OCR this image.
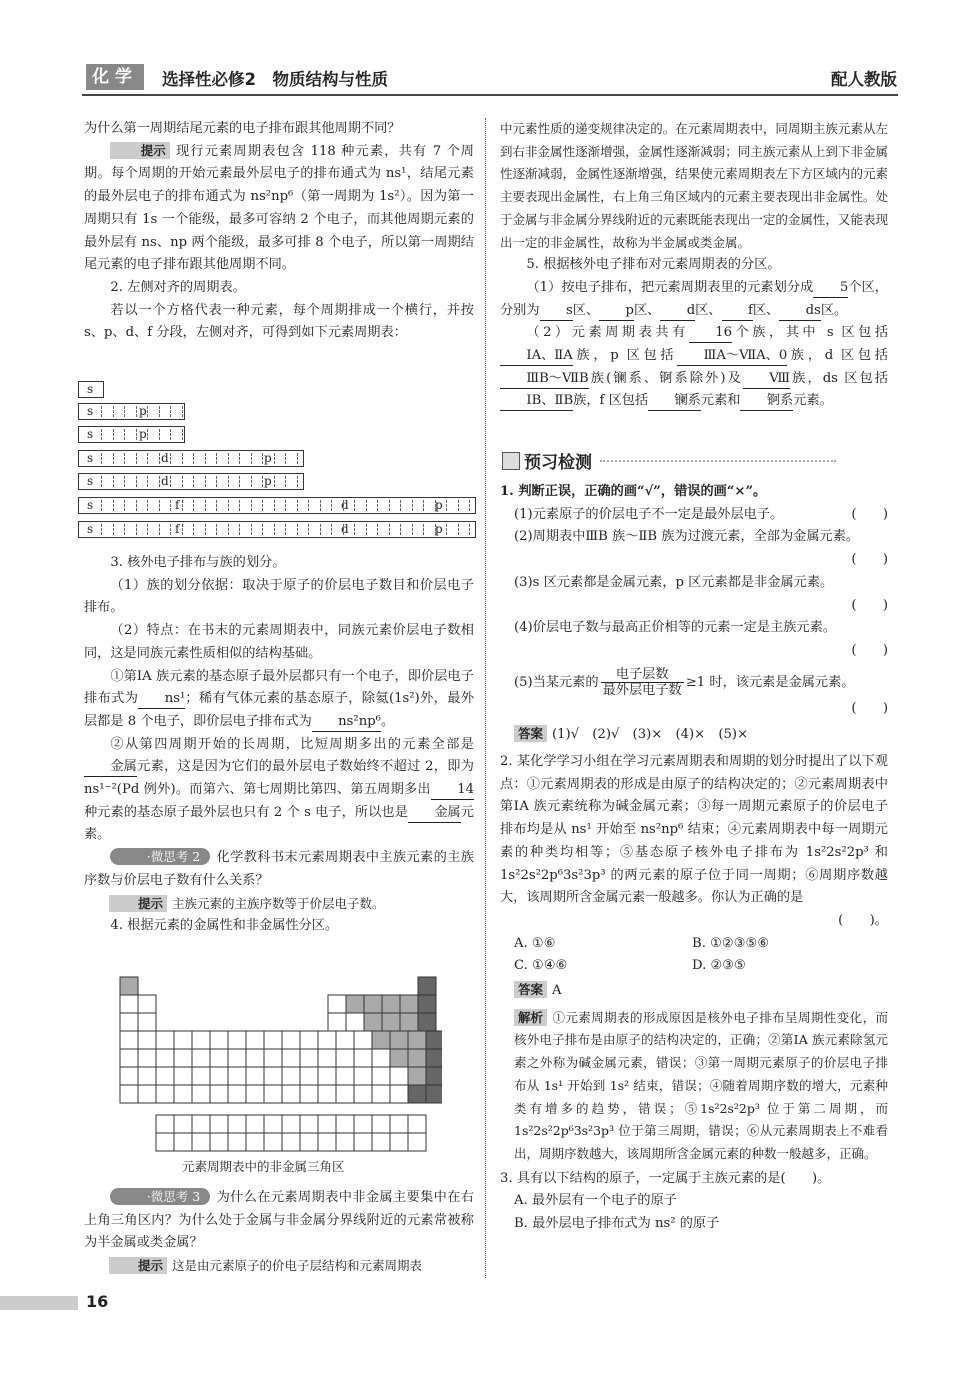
化学	选择性必修2　物质结构与性质	配人教版

为什么第一周期结尾元素的电子排布跟其他周期不同？

提示 现行元素周期表包含 118 种元素，共有 7 个周期。每个周期的开始元素最外层电子的排布通式为 ns¹，结尾元素的最外层电子的排布通式为 ns²np⁶（第一周期为 1s²）。因为第一周期只有 1s 一个能级，最多可容纳 2 个电子，而其他周期元素的最外层有 ns、np 两个能级，最多可排 8 个电子，所以第一周期结尾元素的电子排布跟其他周期不同。

2. 左侧对齐的周期表。

若以一个方格代表一种元素，每个周期排成一个横行，并按 s、p、d、f 分段，左侧对齐，可得到如下元素周期表：

s
s	p
s	p
s	d	p
s	d	p
s	f	d	p
s	f	d	p

3. 核外电子排布与族的划分。

（1）族的划分依据：取决于原子的价层电子数目和价层电子排布。

（2）特点：在书末的元素周期表中，同族元素价层电子数相同，这是同族元素性质相似的结构基础。

①第ⅠA 族元素的基态原子最外层都只有一个电子，即价层电子排布式为 ns¹；稀有气体元素的基态原子，除氦(1s²)外，最外层都是 8 个电子，即价层电子排布式为 ns²np⁶。

②从第四周期开始的长周期，比短周期多出的元素全部是金属元素，这是因为它们的最外层电子数始终不超过 2，即为 ns¹⁻²(Pd 例外)。而第六、第七周期比第四、第五周期多出 14种元素的基态原子最外层也只有 2 个 s 电子，所以也是 金属元素。

·微思考 2 化学教科书末元素周期表中主族元素的主族序数与价层电子数有什么关系？

提示 主族元素的主族序数等于价层电子数。

4. 根据元素的金属性和非金属性分区。

元素周期表中的非金属三角区

·微思考 3 为什么在元素周期表中非金属主要集中在右上角三角区内？为什么处于金属与非金属分界线附近的元素常被称为半金属或类金属？

提示 这是由元素原子的价电子层结构和元素周期表

中元素性质的递变规律决定的。在元素周期表中，同周期主族元素从左到右非金属性逐渐增强，金属性逐渐减弱；同主族元素从上到下非金属性逐渐减弱，金属性逐渐增强，结果使元素周期表左下方区域内的元素主要表现出金属性，右上角三角区域内的元素主要表现出非金属性。处于金属与非金属分界线附近的元素既能表现出一定的金属性，又能表现出一定的非金属性，故称为半金属或类金属。

5. 根据核外电子排布对元素周期表的分区。

（1）按电子排布，把元素周期表里的元素划分成 5个区，分别为 s区、 p区、 d区、 f区、 ds区。

（2）元素周期表共有 16个族，其中 s 区包括ⅠA、ⅡA族，p 区包括 ⅢA～ⅦA、0族，d 区包括ⅢB～ⅦB族(镧系、锕系除外)及 Ⅷ族，ds 区包括ⅠB、ⅡB族，f 区包括 镧系元素和 锕系元素。

预习检测

1. 判断正误，正确的画“√”，错误的画“×”。

(1)元素原子的价层电子不一定是最外层电子。	(　　)

(2)周期表中ⅢB 族～ⅡB 族为过渡元素，全部为金属元素。

(　　)

(3)s 区元素都是金属元素，p 区元素都是非金属元素。

(　　)

(4)价层电子数与最高正价相等的元素一定是主族元素。

(　　)

(5)当某元素的 $\frac{\text{电子层数}}{\text{最外层电子数}} \ge 1$ 时，该元素是金属元素。

(　　)

答案 (1)√　(2)√　(3)×　(4)×　(5)×

2. 某化学学习小组在学习元素周期表和周期的划分时提出了以下观点：①元素周期表的形成是由原子的结构决定的；②元素周期表中第ⅠA 族元素统称为碱金属元素；③每一周期元素原子的价层电子排布均是从 ns¹ 开始至 ns²np⁶ 结束；④元素周期表中每一周期元素的种类均相等；⑤基态原子核外电子排布为 1s²2s²2p³ 和 1s²2s²2p⁶3s²3p³ 的两元素的原子位于同一周期；⑥周期序数越大，该周期所含金属元素一般越多。你认为正确的是

(　　)。

A. ①⑥	B. ①②③⑤⑥

C. ①④⑥	D. ②③⑤

答案 A

解析 ①元素周期表的形成原因是核外电子排布呈周期性变化，而核外电子排布是由原子的结构决定的，正确；②第ⅠA 族元素除氢元素之外称为碱金属元素，错误；③第一周期元素原子的价层电子排布从 1s¹ 开始到 1s² 结束，错误；④随着周期序数的增大，元素种类有增多的趋势，错误；⑤1s²2s²2p³ 位于第二周期，而 1s²2s²2p⁶3s²3p³ 位于第三周期，错误；⑥从元素周期表上不难看出，周期序数越大，该周期所含金属元素的种数一般越多，正确。

3. 具有以下结构的原子，一定属于主族元素的是(　　)。

A. 最外层有一个电子的原子

B. 最外层电子排布式为 ns² 的原子

16
